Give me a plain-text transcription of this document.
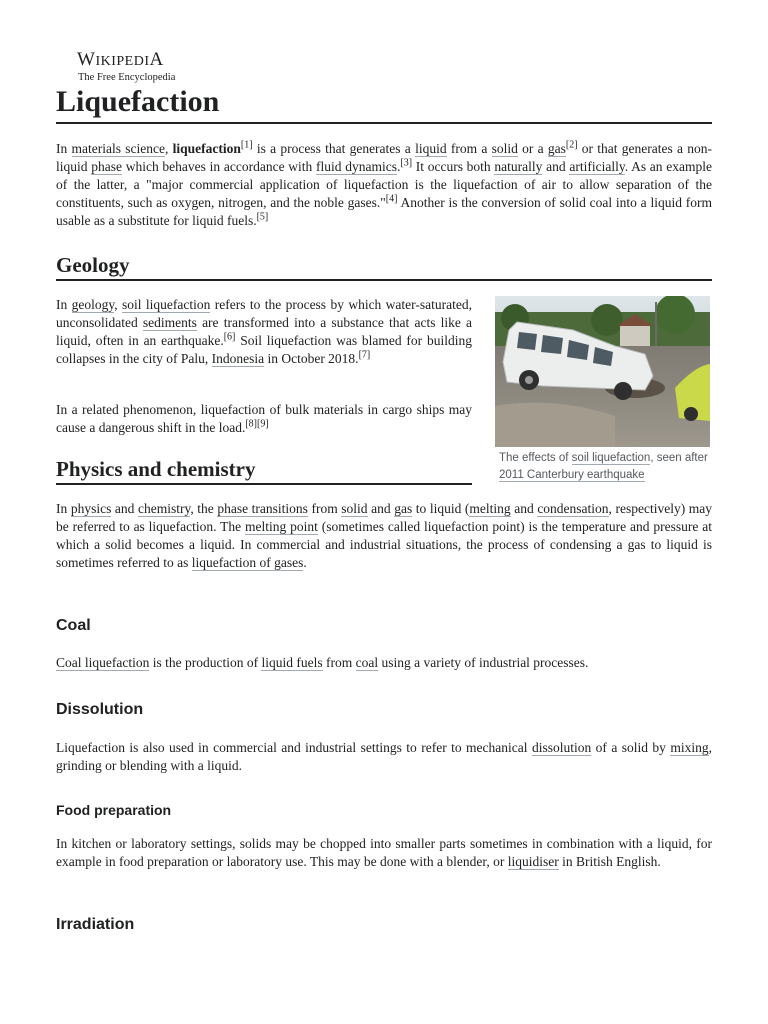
WIKIPEDIA
The Free Encyclopedia
Liquefaction

In materials science, liquefaction[1] is a process that generates a liquid from a solid or a gas[2] or that generates a non-liquid phase which behaves in accordance with fluid dynamics.[3] It occurs both naturally and artificially. As an example of the latter, a "major commercial application of liquefaction is the liquefaction of air to allow separation of the constituents, such as oxygen, nitrogen, and the noble gases."[4] Another is the conversion of solid coal into a liquid form usable as a substitute for liquid fuels.[5]

Geology

In geology, soil liquefaction refers to the process by which water-saturated, unconsolidated sediments are transformed into a substance that acts like a liquid, often in an earthquake.[6] Soil liquefaction was blamed for building collapses in the city of Palu, Indonesia in October 2018.[7]

In a related phenomenon, liquefaction of bulk materials in cargo ships may cause a dangerous shift in the load.[8][9]

The effects of soil liquefaction, seen after 2011 Canterbury earthquake
Physics and chemistry

In physics and chemistry, the phase transitions from solid and gas to liquid (melting and condensation, respectively) may be referred to as liquefaction. The melting point (sometimes called liquefaction point) is the temperature and pressure at which a solid becomes a liquid. In commercial and industrial situations, the process of condensing a gas to liquid is sometimes referred to as liquefaction of gases.

Coal

Coal liquefaction is the production of liquid fuels from coal using a variety of industrial processes.

Dissolution

Liquefaction is also used in commercial and industrial settings to refer to mechanical dissolution of a solid by mixing, grinding or blending with a liquid.

Food preparation

In kitchen or laboratory settings, solids may be chopped into smaller parts sometimes in combination with a liquid, for example in food preparation or laboratory use. This may be done with a blender, or liquidiser in British English.

Irradiation
